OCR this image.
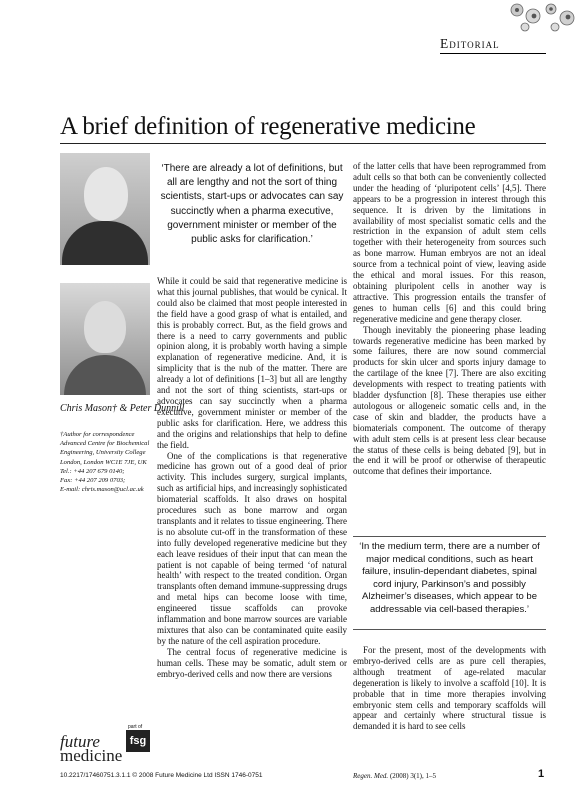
Editorial
A brief definition of regenerative medicine
Chris Mason† & Peter Dunnill
†Author for correspondence
Advanced Centre for Biochemical Engineering, University College London, London WC1E 7JE, UK
Tel.: +44 207 679 0140;
Fax: +44 207 209 0703;
E-mail: chris.mason@ucl.ac.uk
future
medicine
part of
fsg
‘There are already a lot of definitions, but all are lengthy and not the sort of thing scientists, start-ups or advocates can say succinctly when a pharma executive, government minister or member of the public asks for clarification.’

While it could be said that regenerative medicine is what this journal publishes, that would be cynical. It could also be claimed that most people interested in the field have a good grasp of what is entailed, and this is probably correct. But, as the field grows and there is a need to carry governments and public opinion along, it is probably worth having a simple explanation of regenerative medicine. And, it is simplicity that is the nub of the matter. There are already a lot of definitions [1–3] but all are lengthy and not the sort of thing scientists, start-ups or advocates can say succinctly when a pharma executive, government minister or member of the public asks for clarification. Here, we address this and the origins and relationships that help to define the field.

One of the complications is that regenerative medicine has grown out of a good deal of prior activity. This includes surgery, surgical implants, such as artificial hips, and increasingly sophisticated biomaterial scaffolds. It also draws on hospital procedures such as bone marrow and organ transplants and it relates to tissue engineering. There is no absolute cut-off in the transformation of these into fully developed regenerative medicine but they each leave residues of their input that can mean the patient is not capable of being termed ‘of natural health’ with respect to the treated condition. Organ transplants often demand immune-suppressing drugs and metal hips can become loose with time, engineered tissue scaffolds can provoke inflammation and bone marrow sources are variable mixtures that also can be contaminated quite easily by the nature of the cell aspiration procedure.

The central focus of regenerative medicine is human cells. These may be somatic, adult stem or embryo-derived cells and now there are versions

of the latter cells that have been reprogrammed from adult cells so that both can be conveniently collected under the heading of ‘pluripotent cells’ [4,5]. There appears to be a progression in interest through this sequence. It is driven by the limitations in availability of most specialist somatic cells and the restriction in the expansion of adult stem cells together with their heterogeneity from sources such as bone marrow. Human embryos are not an ideal source from a technical point of view, leaving aside the ethical and moral issues. For this reason, obtaining pluripolent cells in another way is attractive. This progression entails the transfer of genes to human cells [6] and this could bring regenerative medicine and gene therapy closer.

Though inevitably the pioneering phase leading towards regenerative medicine has been marked by some failures, there are now sound commercial products for skin ulcer and sports injury damage to the cartilage of the knee [7]. There are also exciting developments with respect to treating patients with bladder dysfunction [8]. These therapies use either autologous or allogeneic somatic cells and, in the case of skin and bladder, the products have a biomaterials component. The outcome of therapy with adult stem cells is at present less clear because the status of these cells is being debated [9], but in the end it will be proof or otherwise of therapeutic outcome that defines their importance.

‘In the medium term, there are a number of major medical conditions, such as heart failure, insulin-dependant diabetes, spinal cord injury, Parkinson’s and possibly Alzheimer’s diseases, which appear to be addressable via cell-based therapies.’

For the present, most of the developments with embryo-derived cells are as pure cell therapies, although treatment of age-related macular degeneration is likely to involve a scaffold [10]. It is probable that in time more therapies involving embryonic stem cells and temporary scaffolds will appear and certainly where structural tissue is demanded it is hard to see cells

10.2217/17460751.3.1.1 © 2008 Future Medicine Ltd ISSN 1746-0751	Regen. Med. (2008) 3(1), 1–5	1
